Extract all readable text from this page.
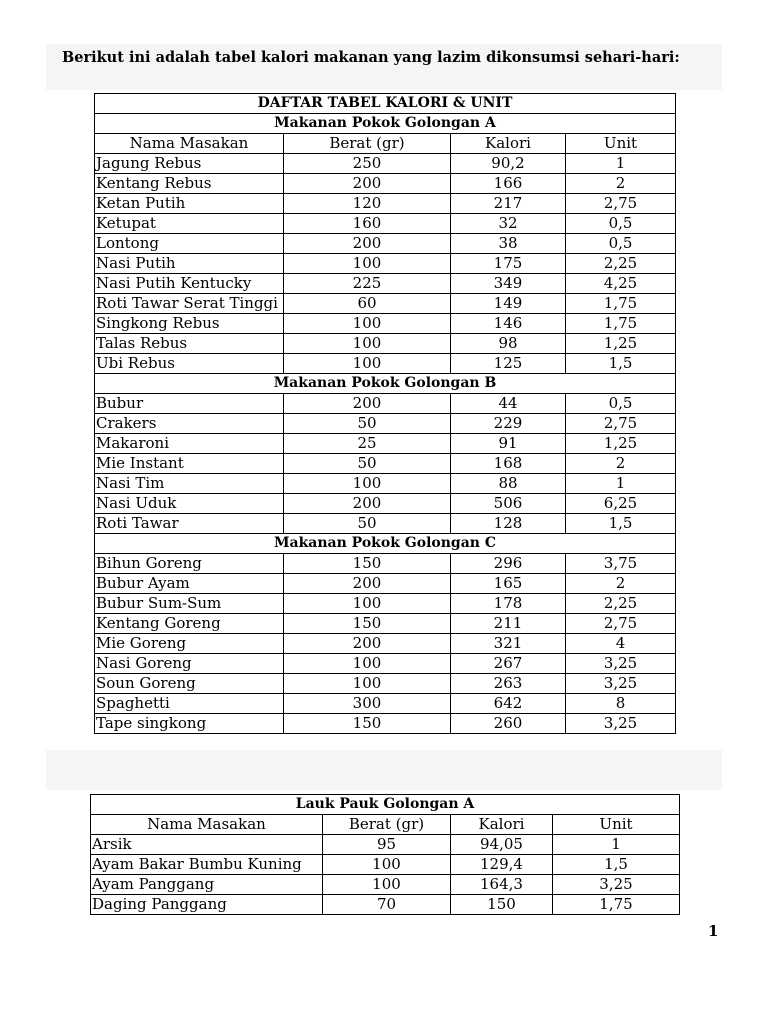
Berikut ini adalah tabel kalori makanan yang lazim dikonsumsi sehari-hari:
DAFTAR TABEL KALORI & UNIT			
Makanan Pokok Golongan A			
Nama Masakan	Berat (gr)	Kalori	Unit
Jagung Rebus	250	90,2	1
Kentang Rebus	200	166	2
Ketan Putih	120	217	2,75
Ketupat	160	32	0,5
Lontong	200	38	0,5
Nasi Putih	100	175	2,25
Nasi Putih Kentucky	225	349	4,25
Roti Tawar Serat Tinggi	60	149	1,75
Singkong Rebus	100	146	1,75
Talas Rebus	100	98	1,25
Ubi Rebus	100	125	1,5
Makanan Pokok Golongan B			
Bubur	200	44	0,5
Crakers	50	229	2,75
Makaroni	25	91	1,25
Mie Instant	50	168	2
Nasi Tim	100	88	1
Nasi Uduk	200	506	6,25
Roti Tawar	50	128	1,5
Makanan Pokok Golongan C			
Bihun Goreng	150	296	3,75
Bubur Ayam	200	165	2
Bubur Sum-Sum	100	178	2,25
Kentang Goreng	150	211	2,75
Mie Goreng	200	321	4
Nasi Goreng	100	267	3,25
Soun Goreng	100	263	3,25
Spaghetti	300	642	8
Tape singkong	150	260	3,25
Lauk Pauk Golongan A			
Nama Masakan	Berat (gr)	Kalori	Unit
Arsik	95	94,05	1
Ayam Bakar Bumbu Kuning	100	129,4	1,5
Ayam Panggang	100	164,3	3,25
Daging Panggang	70	150	1,75
1
